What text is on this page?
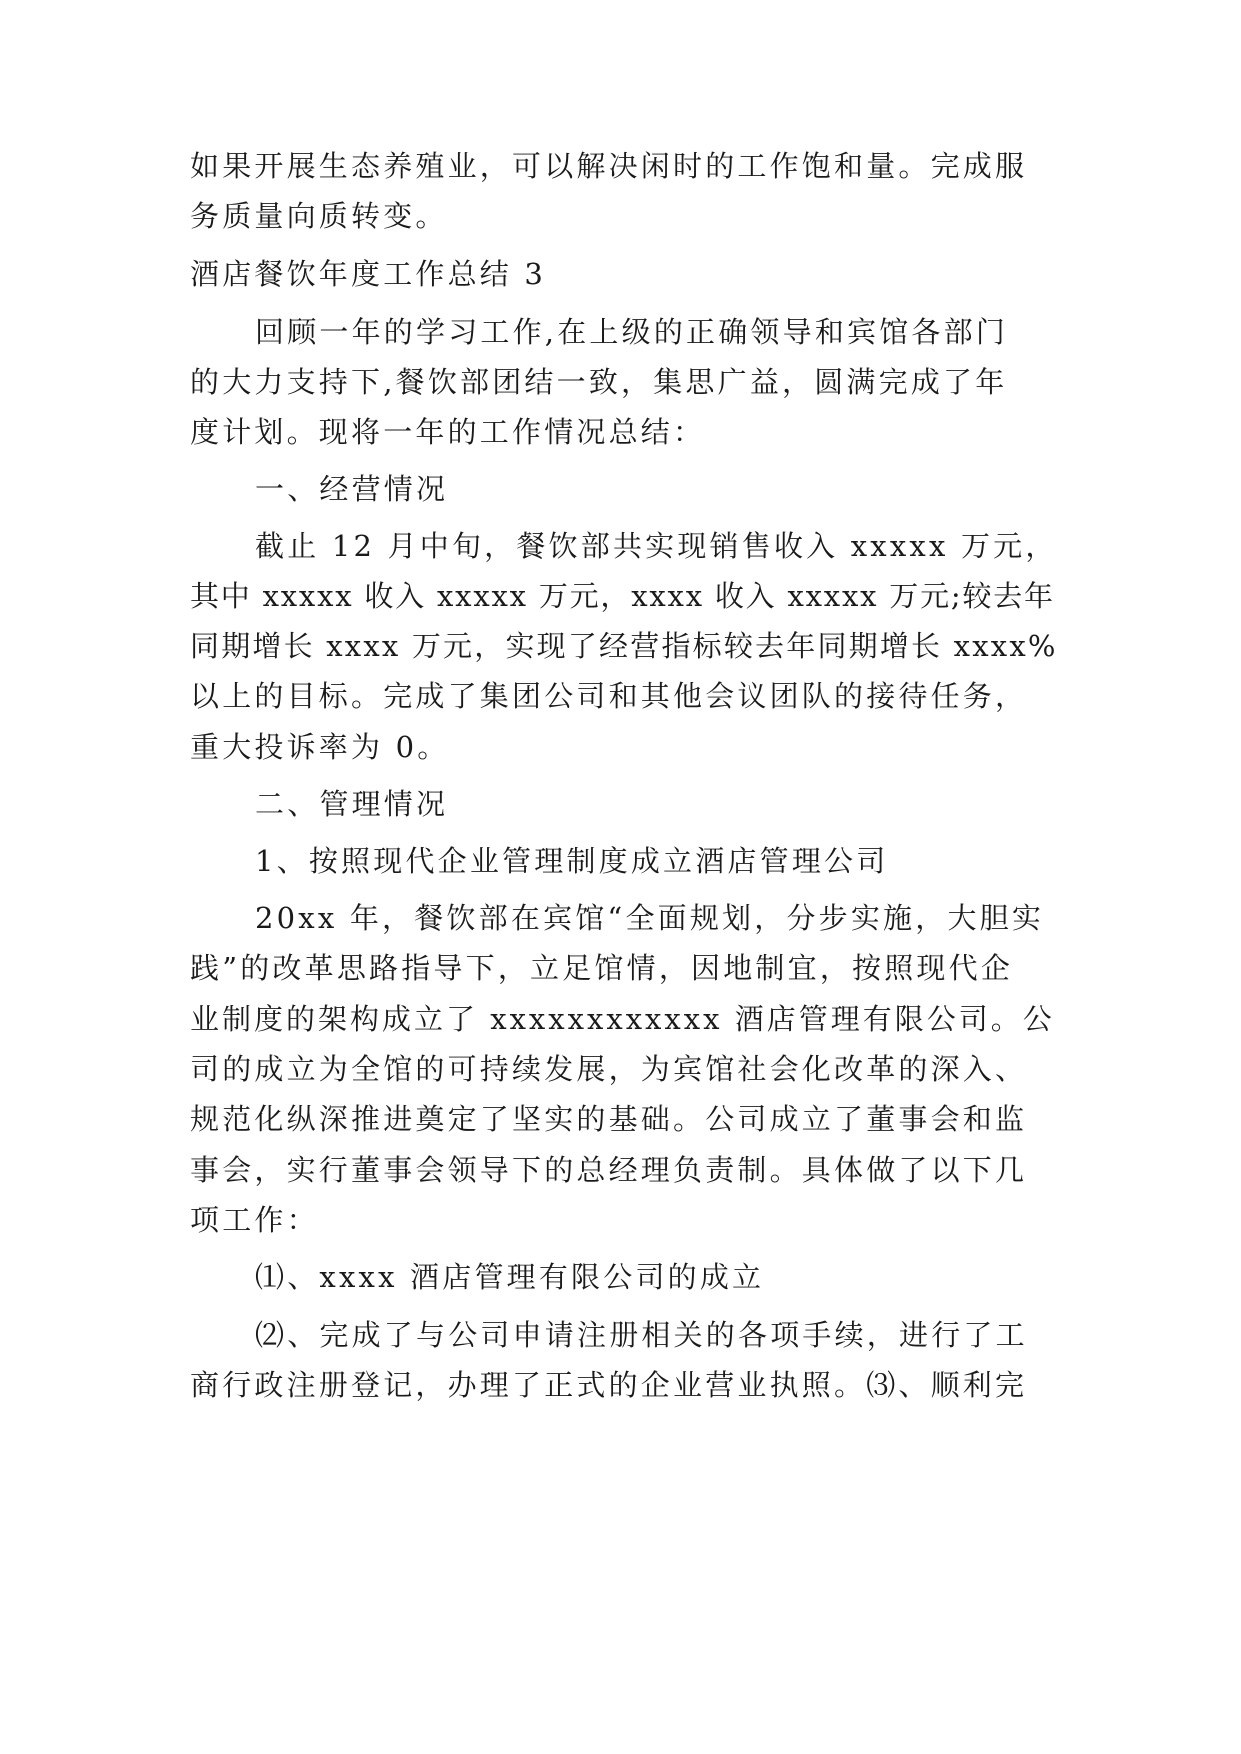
如果开展生态养殖业，可以解决闲时的工作饱和量。完成服
务质量向质转变。
酒店餐饮年度工作总结 3
回顾一年的学习工作,在上级的正确领导和宾馆各部门
的大力支持下,餐饮部团结一致，集思广益，圆满完成了年
度计划。现将一年的工作情况总结：
一、经营情况
截止 12 月中旬，餐饮部共实现销售收入 xxxxx 万元，
其中 xxxxx 收入 xxxxx 万元，xxxx 收入 xxxxx 万元;较去年
同期增长 xxxx 万元，实现了经营指标较去年同期增长 xxxx%
以上的目标。完成了集团公司和其他会议团队的接待任务，
重大投诉率为 0。
二、管理情况
1、按照现代企业管理制度成立酒店管理公司
20xx 年，餐饮部在宾馆“全面规划，分步实施，大胆实
践”的改革思路指导下，立足馆情，因地制宜，按照现代企
业制度的架构成立了 xxxxxxxxxxxx 酒店管理有限公司。公
司的成立为全馆的可持续发展，为宾馆社会化改革的深入、
规范化纵深推进奠定了坚实的基础。公司成立了董事会和监
事会，实行董事会领导下的总经理负责制。具体做了以下几
项工作：
⑴、xxxx 酒店管理有限公司的成立
⑵、完成了与公司申请注册相关的各项手续，进行了工
商行政注册登记，办理了正式的企业营业执照。⑶、顺利完
